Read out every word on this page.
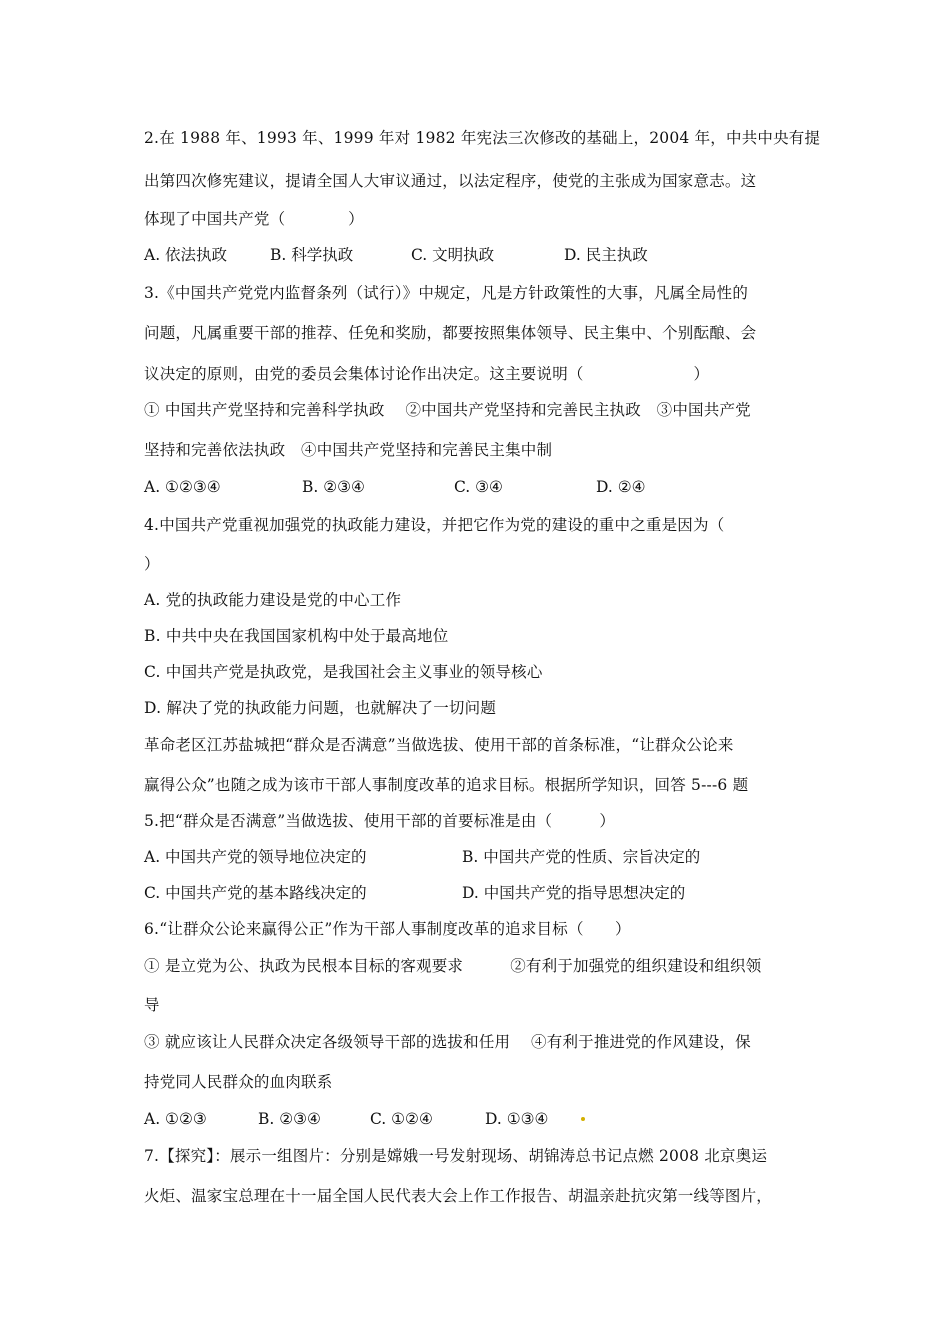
2.在 1988 年、1993 年、1999 年对 1982 年宪法三次修改的基础上，2004 年，中共中央有提
出第四次修宪建议，提请全国人大审议通过，以法定程序，使党的主张成为国家意志。这
体现了中国共产党（　　　　）
A. 依法执政	B. 科学执政	C. 文明执政	D. 民主执政
3.《中国共产党党内监督条列（试行）》中规定，凡是方针政策性的大事，凡属全局性的
问题，凡属重要干部的推荐、任免和奖励，都要按照集体领导、民主集中、个别酝酿、会
议决定的原则，由党的委员会集体讨论作出决定。这主要说明（　　　　　　　）
① 中国共产党坚持和完善科学执政　 ②中国共产党坚持和完善民主执政　③中国共产党
坚持和完善依法执政　④中国共产党坚持和完善民主集中制
A. ①②③④	B. ②③④	C. ③④	D. ②④
4.中国共产党重视加强党的执政能力建设，并把它作为党的建设的重中之重是因为（
）
A. 党的执政能力建设是党的中心工作
B. 中共中央在我国国家机构中处于最高地位
C. 中国共产党是执政党，是我国社会主义事业的领导核心
D. 解决了党的执政能力问题，也就解决了一切问题
革命老区江苏盐城把“群众是否满意”当做选拔、使用干部的首条标准，“让群众公论来
赢得公众”也随之成为该市干部人事制度改革的追求目标。根据所学知识，回答 5---6 题
5.把“群众是否满意”当做选拔、使用干部的首要标准是由（　　　）
A. 中国共产党的领导地位决定的	B. 中国共产党的性质、宗旨决定的
C. 中国共产党的基本路线决定的	D. 中国共产党的指导思想决定的
6.“让群众公论来赢得公正”作为干部人事制度改革的追求目标（　　）
① 是立党为公、执政为民根本目标的客观要求　　　②有利于加强党的组织建设和组织领
导
③ 就应该让人民群众决定各级领导干部的选拔和任用　 ④有利于推进党的作风建设，保
持党同人民群众的血肉联系
A. ①②③	B. ②③④	C. ①②④	D. ①③④
7.【探究】：展示一组图片：分别是嫦娥一号发射现场、胡锦涛总书记点燃 2008 北京奥运
火炬、温家宝总理在十一届全国人民代表大会上作工作报告、胡温亲赴抗灾第一线等图片，
